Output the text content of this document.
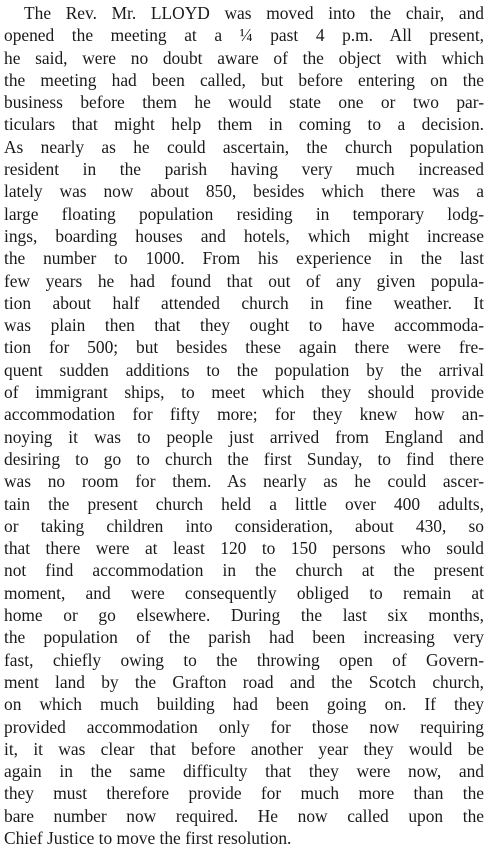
The Rev. Mr. LLOYD was moved into the chair, and
opened the meeting at a ¼ past 4 p.m. All present,
he said, were no doubt aware of the object with which
the meeting had been called, but before entering on the
business before them he would state one or two par-
ticulars that might help them in coming to a decision.
As nearly as he could ascertain, the church population
resident in the parish having very much increased
lately was now about 850, besides which there was a
large floating population residing in temporary lodg-
ings, boarding houses and hotels, which might increase
the number to 1000. From his experience in the last
few years he had found that out of any given popula-
tion about half attended church in fine weather. It
was plain then that they ought to have accommoda-
tion for 500; but besides these again there were fre-
quent sudden additions to the population by the arrival
of immigrant ships, to meet which they should provide
accommodation for fifty more; for they knew how an-
noying it was to people just arrived from England and
desiring to go to church the first Sunday, to find there
was no room for them. As nearly as he could ascer-
tain the present church held a little over 400 adults,
or taking children into consideration, about 430, so
that there were at least 120 to 150 persons who sould
not find accommodation in the church at the present
moment, and were consequently obliged to remain at
home or go elsewhere. During the last six months,
the population of the parish had been increasing very
fast, chiefly owing to the throwing open of Govern-
ment land by the Grafton road and the Scotch church,
on which much building had been going on. If they
provided accommodation only for those now requiring
it, it was clear that before another year they would be
again in the same difficulty that they were now, and
they must therefore provide for much more than the
bare number now required. He now called upon the
Chief Justice to move the first resolution.
